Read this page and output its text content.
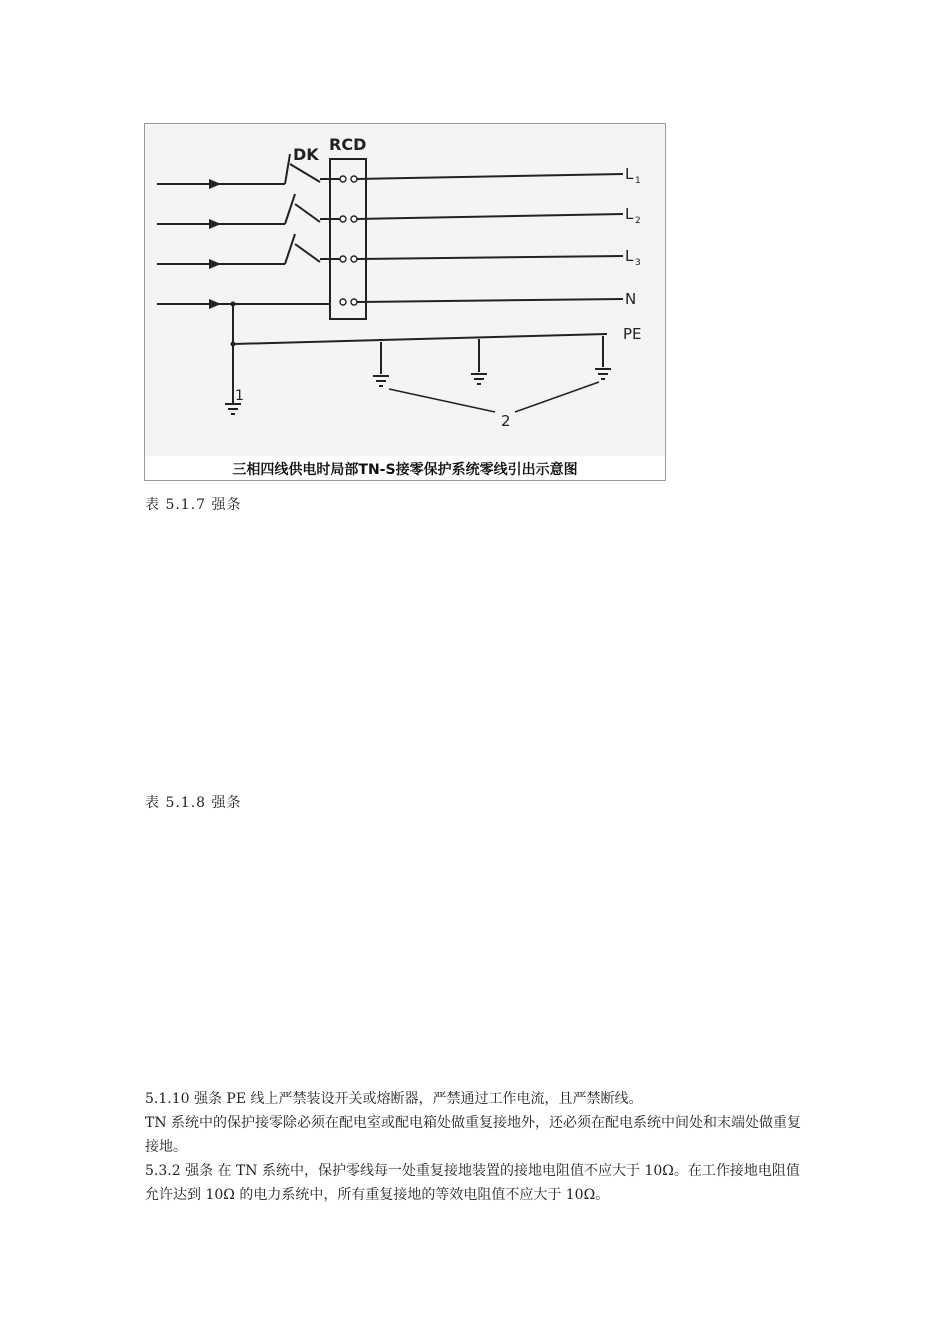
DK
RCD
L 1
L 2
L 3
N
PE
1
2
三相四线供电时局部TN-S接零保护系统零线引出示意图
表 5.1.7 强条
表 5.1.8 强条
5.1.10 强条 PE 线上严禁装设开关或熔断器，严禁通过工作电流，且严禁断线。
TN 系统中的保护接零除必须在配电室或配电箱处做重复接地外，还必须在配电系统中间处和末端处做重复接地。
5.3.2 强条 在 TN 系统中，保护零线每一处重复接地装置的接地电阻值不应大于 10Ω。在工作接地电阻值允许达到 10Ω 的电力系统中，所有重复接地的等效电阻值不应大于 10Ω。
